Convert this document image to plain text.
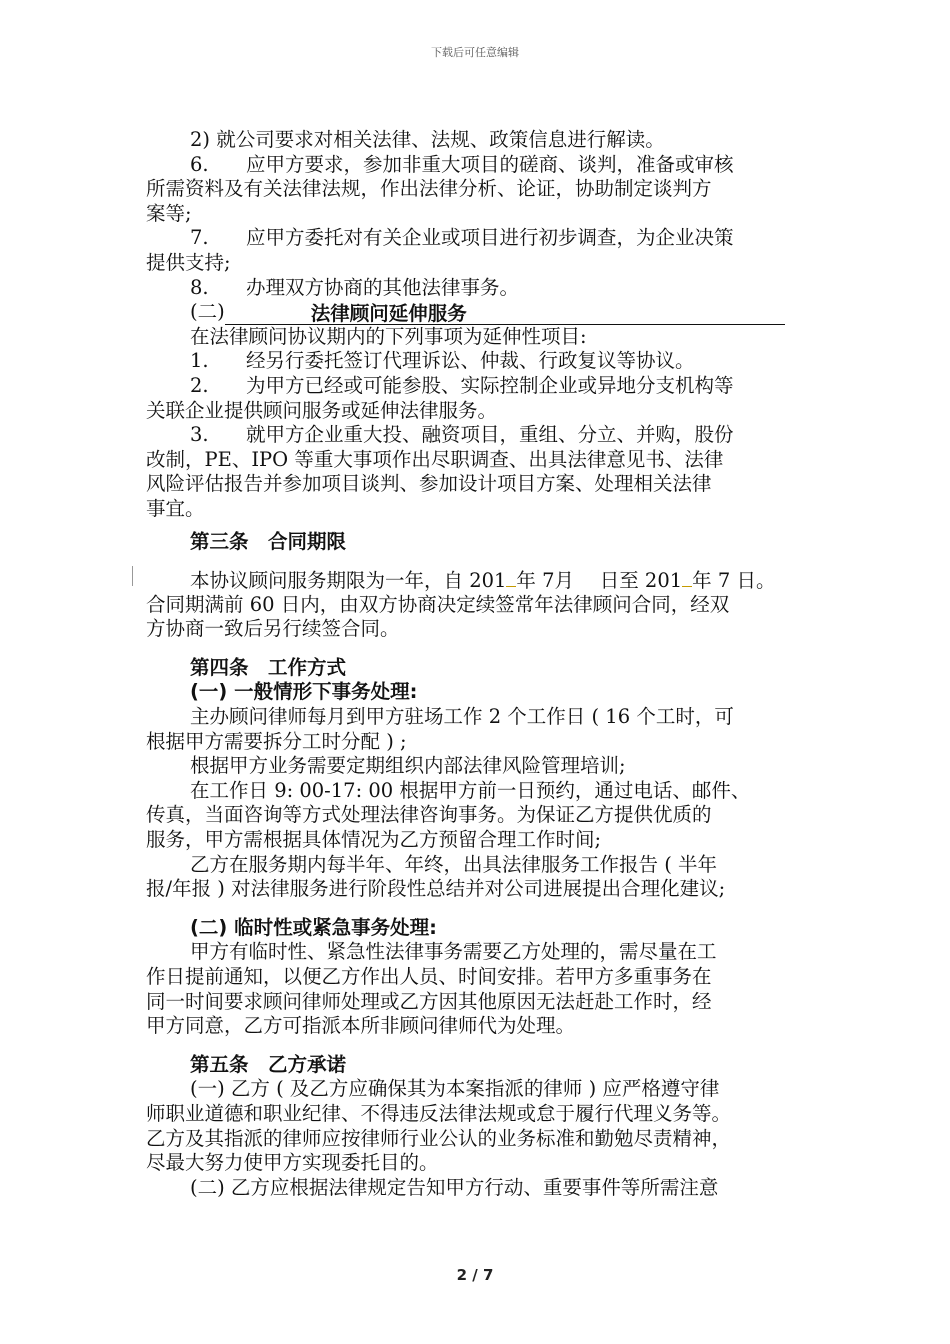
下载后可任意编辑
2) 就公司要求对相关法律、法规、政策信息进行解读。
6. 应甲方要求，参加非重大项目的磋商、谈判，准备或审核
所需资料及有关法律法规，作出法律分析、论证，协助制定谈判方
案等;
7. 应甲方委托对有关企业或项目进行初步调查，为企业决策
提供支持;
8. 办理双方协商的其他法律事务。
(二)	法律顾问延伸服务
在法律顾问协议期内的下列事项为延伸性项目:
1. 经另行委托签订代理诉讼、仲裁、行政复议等协议。
2. 为甲方已经或可能参股、实际控制企业或异地分支机构等
关联企业提供顾问服务或延伸法律服务。
3. 就甲方企业重大投、融资项目，重组、分立、并购，股份
改制，PE、IPO 等重大事项作出尽职调查、出具法律意见书、法律
风险评估报告并参加项目谈判、参加设计项目方案、处理相关法律
事宜。
第三条　合同期限
本协议顾问服务期限为一年，自 201 年 7月　 日至 201 年 7 日。
合同期满前 60 日内，由双方协商决定续签常年法律顾问合同，经双
方协商一致后另行续签合同。
第四条　工作方式
(一) 一般情形下事务处理:
主办顾问律师每月到甲方驻场工作 2 个工作日 ( 16 个工时，可
根据甲方需要拆分工时分配 ) ;
根据甲方业务需要定期组织内部法律风险管理培训;
在工作日 9: 00-17: 00 根据甲方前一日预约，通过电话、邮件、
传真，当面咨询等方式处理法律咨询事务。为保证乙方提供优质的
服务，甲方需根据具体情况为乙方预留合理工作时间;
乙方在服务期内每半年、年终，出具法律服务工作报告 ( 半年
报/年报 ) 对法律服务进行阶段性总结并对公司进展提出合理化建议;
(二) 临时性或紧急事务处理:
甲方有临时性、紧急性法律事务需要乙方处理的，需尽量在工
作日提前通知，以便乙方作出人员、时间安排。若甲方多重事务在
同一时间要求顾问律师处理或乙方因其他原因无法赶赴工作时，经
甲方同意，乙方可指派本所非顾问律师代为处理。
第五条　乙方承诺
(一) 乙方 ( 及乙方应确保其为本案指派的律师 ) 应严格遵守律
师职业道德和职业纪律、不得违反法律法规或怠于履行代理义务等。
乙方及其指派的律师应按律师行业公认的业务标准和勤勉尽责精神，
尽最大努力使甲方实现委托目的。
(二) 乙方应根据法律规定告知甲方行动、重要事件等所需注意
2 / 7
